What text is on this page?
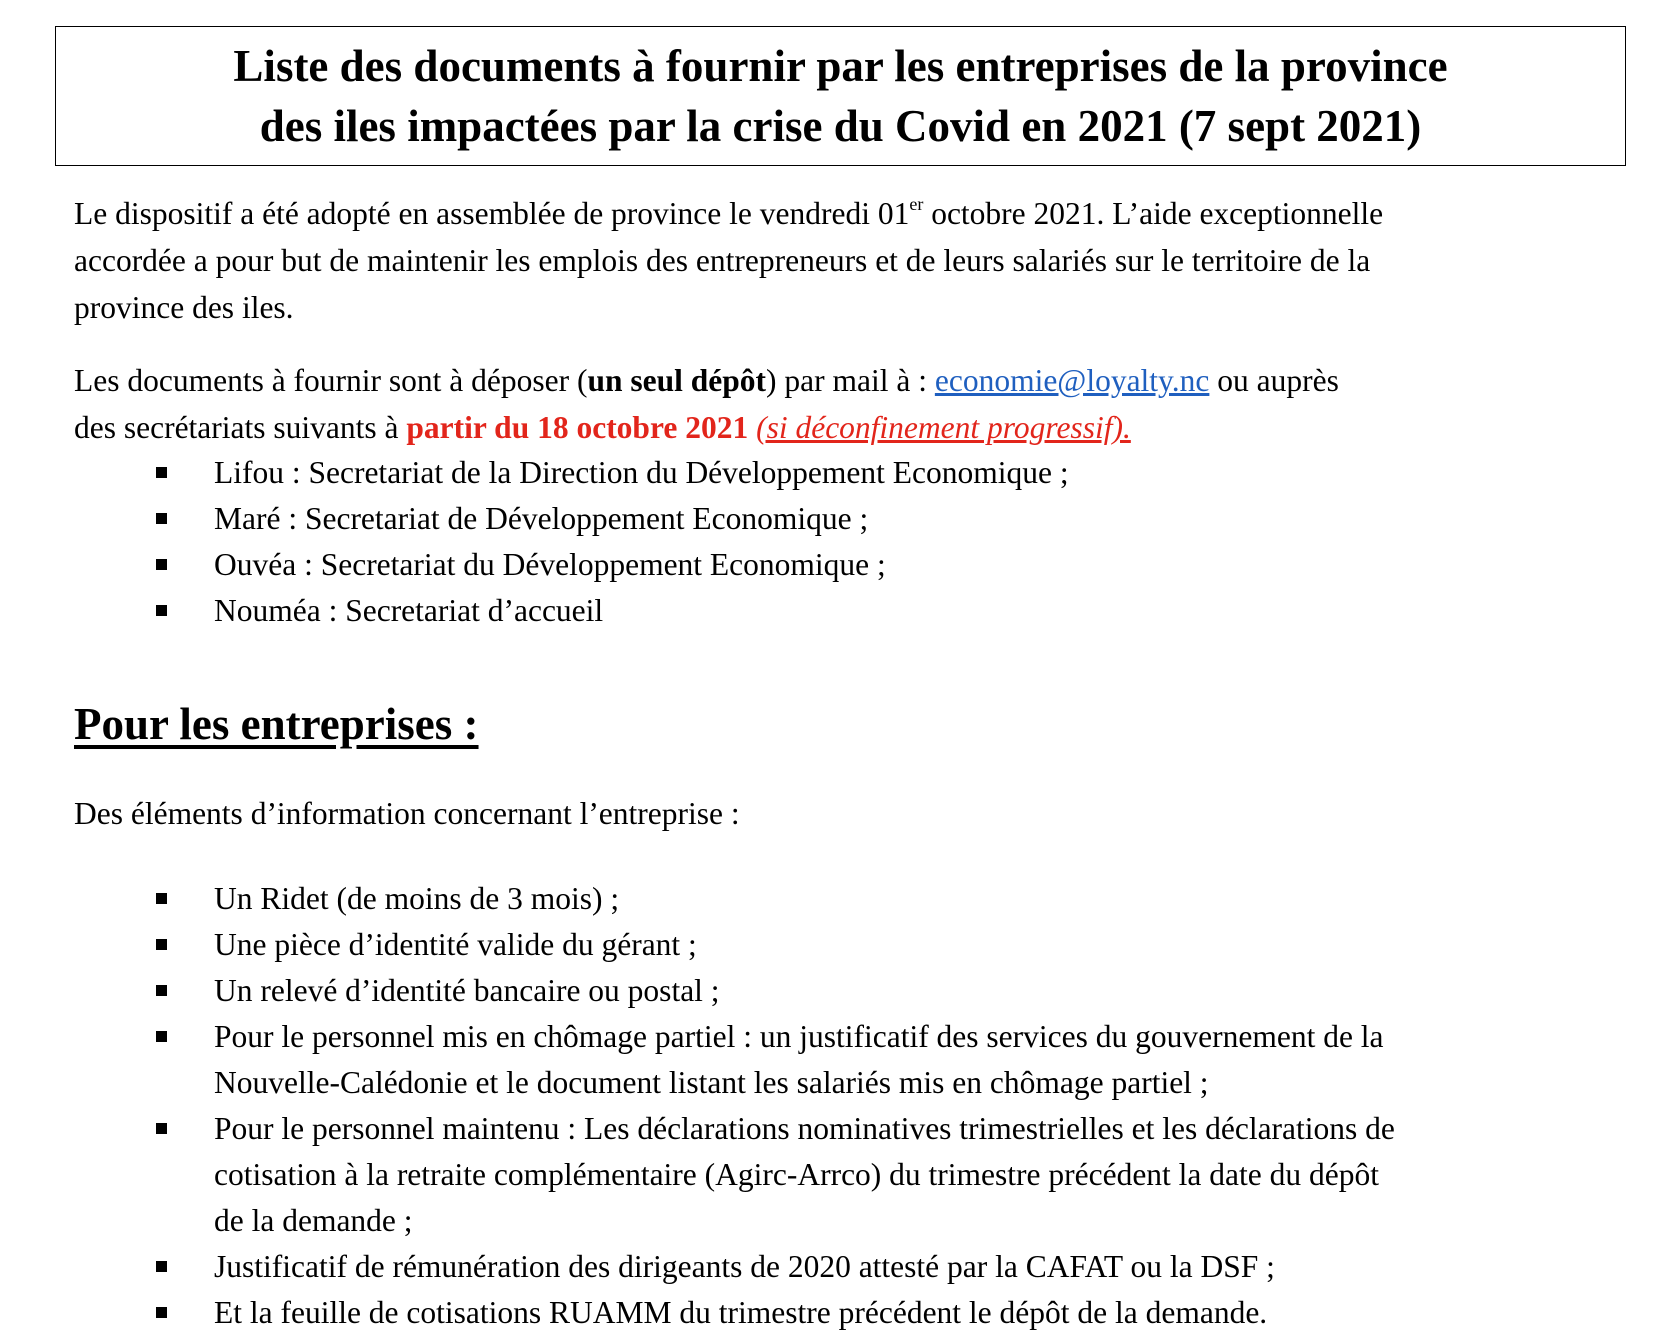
Liste des documents à fournir par les entreprises de la province
des iles impactées par la crise du Covid en 2021 (7 sept 2021)
Le dispositif a été adopté en assemblée de province le vendredi 01er octobre 2021. L’aide exceptionnelle
accordée a pour but de maintenir les emplois des entrepreneurs et de leurs salariés sur le territoire de la
province des iles.
Les documents à fournir sont à déposer (un seul dépôt) par mail à : economie@loyalty.nc ou auprès
des secrétariats suivants à partir du 18 octobre 2021 (si déconfinement progressif).
Lifou : Secretariat de la Direction du Développement Economique ;
Maré : Secretariat de Développement Economique ;
Ouvéa : Secretariat du Développement Economique ;
Nouméa : Secretariat d’accueil
Pour les entreprises :
Des éléments d’information concernant l’entreprise :
Un Ridet (de moins de 3 mois) ;
Une pièce d’identité valide du gérant ;
Un relevé d’identité bancaire ou postal ;
Pour le personnel mis en chômage partiel : un justificatif des services du gouvernement de la
Nouvelle-Calédonie et le document listant les salariés mis en chômage partiel ;
Pour le personnel maintenu : Les déclarations nominatives trimestrielles et les déclarations de
cotisation à la retraite complémentaire (Agirc-Arrco) du trimestre précédent la date du dépôt
de la demande ;
Justificatif de rémunération des dirigeants de 2020 attesté par la CAFAT ou la DSF ;
Et la feuille de cotisations RUAMM du trimestre précédent le dépôt de la demande.
